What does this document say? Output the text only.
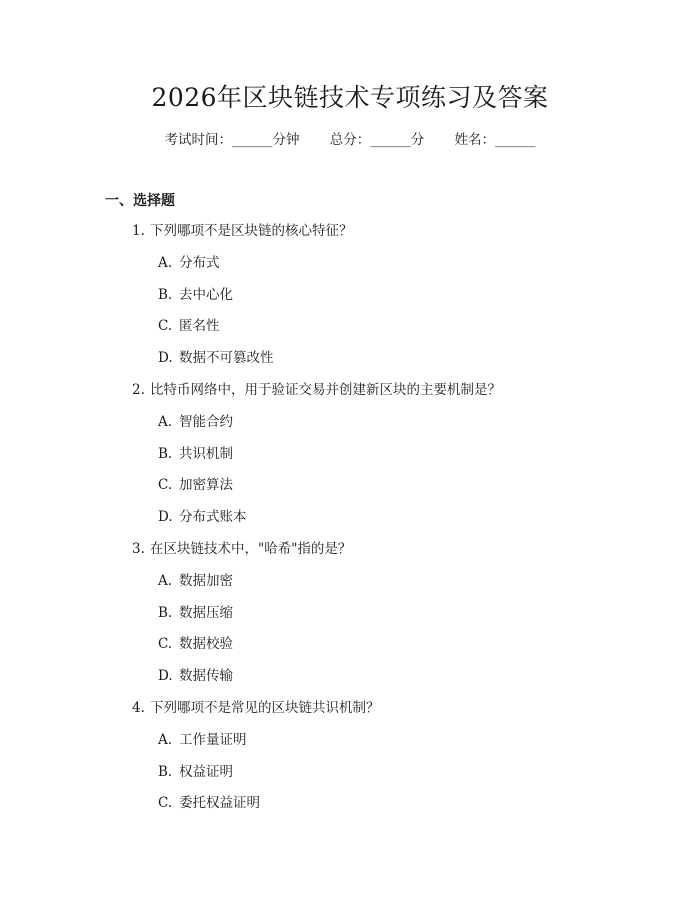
2026年区块链技术专项练习及答案
考试时间：______分钟 总分：______分 姓名：______
一、选择题
1. 下列哪项不是区块链的核心特征？
A. 分布式
B. 去中心化
C. 匿名性
D. 数据不可篡改性
2. 比特币网络中，用于验证交易并创建新区块的主要机制是？
A. 智能合约
B. 共识机制
C. 加密算法
D. 分布式账本
3. 在区块链技术中，"哈希"指的是？
A. 数据加密
B. 数据压缩
C. 数据校验
D. 数据传输
4. 下列哪项不是常见的区块链共识机制？
A. 工作量证明
B. 权益证明
C. 委托权益证明
